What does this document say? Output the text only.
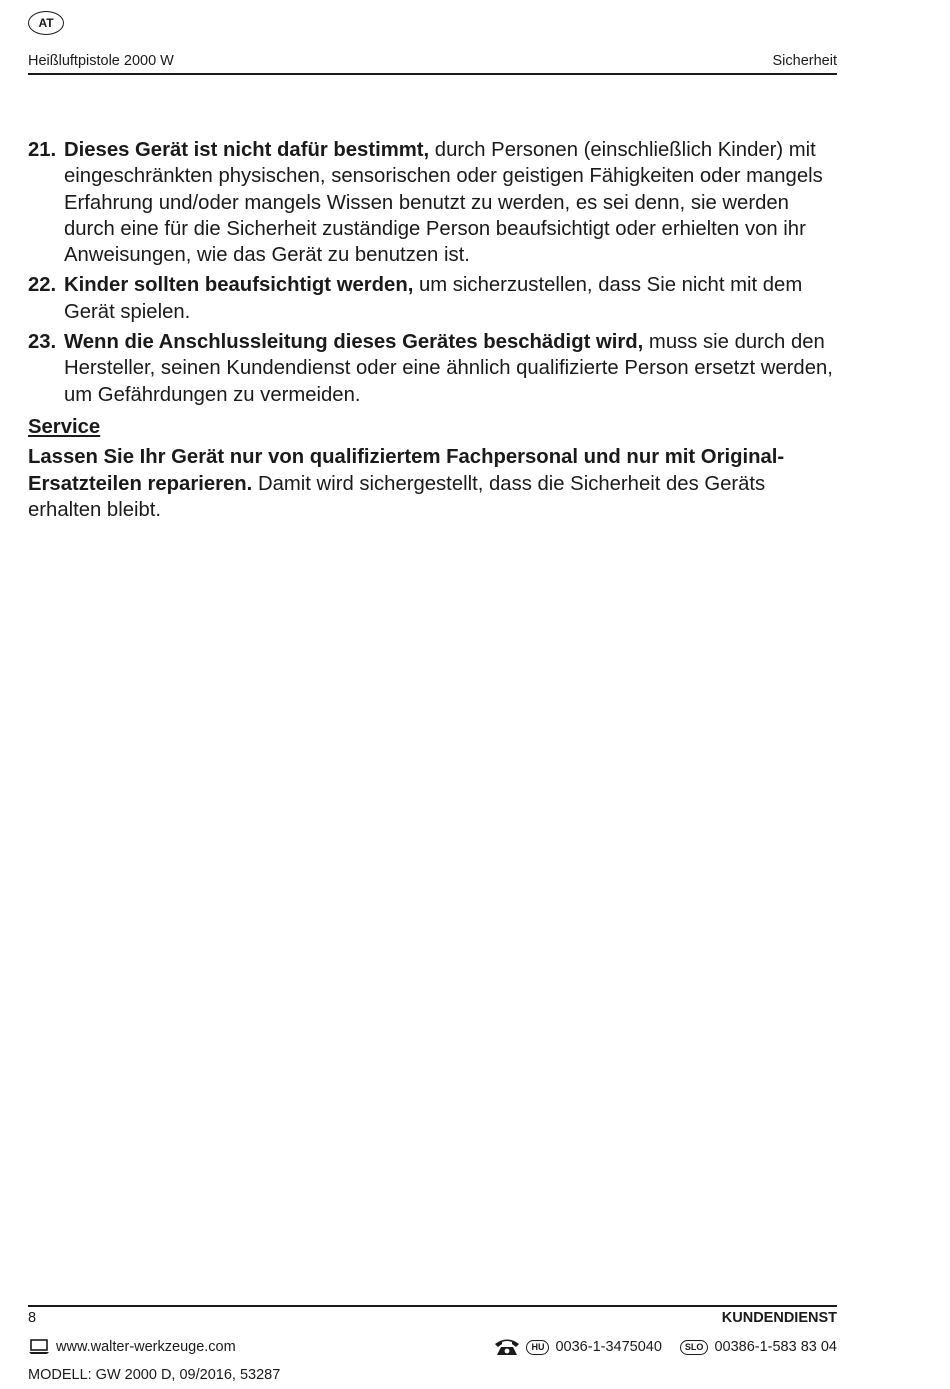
AT
Heißluftpistole 2000 W	Sicherheit
21. Dieses Gerät ist nicht dafür bestimmt, durch Personen (einschließlich Kinder) mit eingeschränkten physischen, sensorischen oder geistigen Fähigkeiten oder mangels Erfahrung und/oder mangels Wissen benutzt zu werden, es sei denn, sie werden durch eine für die Sicherheit zuständige Person beaufsichtigt oder erhielten von ihr Anweisungen, wie das Gerät zu benutzen ist.
22. Kinder sollten beaufsichtigt werden, um sicherzustellen, dass Sie nicht mit dem Gerät spielen.
23. Wenn die Anschlussleitung dieses Gerätes beschädigt wird, muss sie durch den Hersteller, seinen Kundendienst oder eine ähnlich qualifizierte Person ersetzt werden, um Gefährdungen zu vermeiden.
Service
Lassen Sie Ihr Gerät nur von qualifiziertem Fachpersonal und nur mit Original-Ersatzteilen reparieren. Damit wird sichergestellt, dass die Sicherheit des Geräts erhalten bleibt.
8	KUNDENDIENST
www.walter-werkzeuge.com	HU 0036-1-3475040	SLO 00386-1-583 83 04
MODELL: GW 2000 D, 09/2016, 53287
